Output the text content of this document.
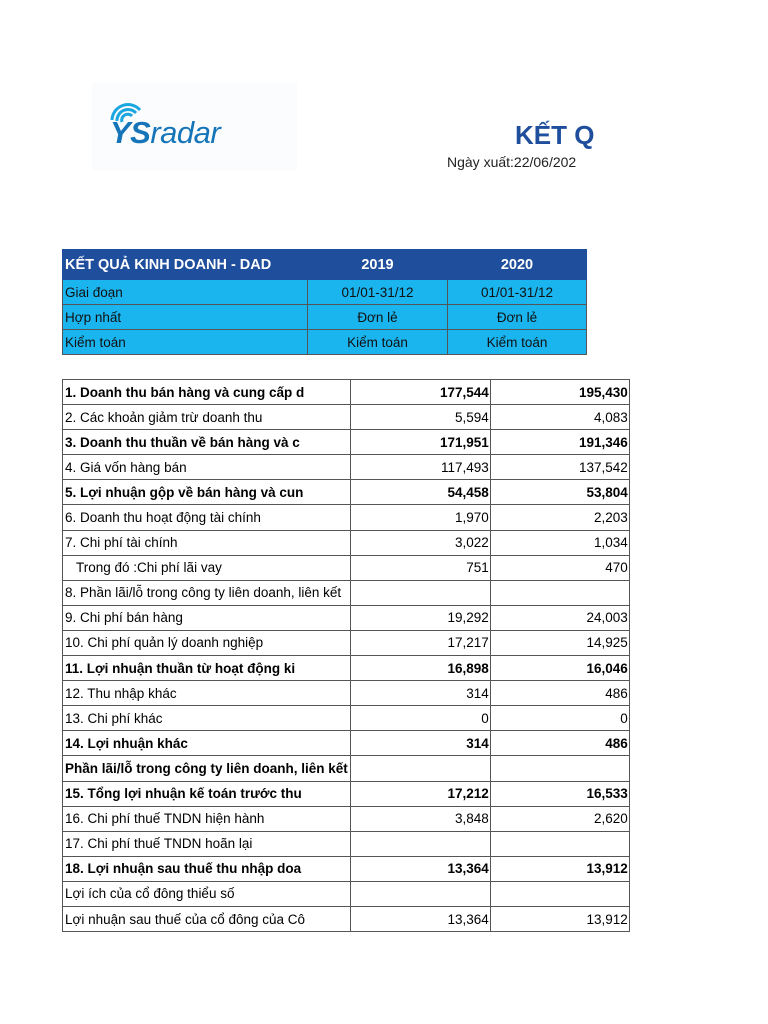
YSradar	KẾT Q
Ngày xuất:22/06/202
KẾT QUẢ KINH DOANH - DAD	2019	2020
Giai đoạn	01/01-31/12	01/01-31/12
Hợp nhất	Đơn lẻ	Đơn lẻ
Kiểm toán	Kiểm toán	Kiểm toán
1. Doanh thu bán hàng và cung cấp d	177,544	195,430
2. Các khoản giảm trừ doanh thu	5,594	4,083
3. Doanh thu thuần về bán hàng và c	171,951	191,346
4. Giá vốn hàng bán	117,493	137,542
5. Lợi nhuận gộp về bán hàng và cun	54,458	53,804
6. Doanh thu hoạt động tài chính	1,970	2,203
7. Chi phí tài chính	3,022	1,034
Trong đó :Chi phí lãi vay	751	470
8. Phần lãi/lỗ trong công ty liên doanh, liên kết		
9. Chi phí bán hàng	19,292	24,003
10. Chi phí quản lý doanh nghiệp	17,217	14,925
11. Lợi nhuận thuần từ hoạt động ki	16,898	16,046
12. Thu nhập khác	314	486
13. Chi phí khác	0	0
14. Lợi nhuận khác	314	486
Phần lãi/lỗ trong công ty liên doanh, liên kết		
15. Tổng lợi nhuận kế toán trước thu	17,212	16,533
16. Chi phí thuế TNDN hiện hành	3,848	2,620
17. Chi phí thuế TNDN hoãn lại		
18. Lợi nhuận sau thuế thu nhập doa	13,364	13,912
Lợi ích của cổ đông thiểu số		
Lợi nhuận sau thuế của cổ đông của Cô	13,364	13,912
